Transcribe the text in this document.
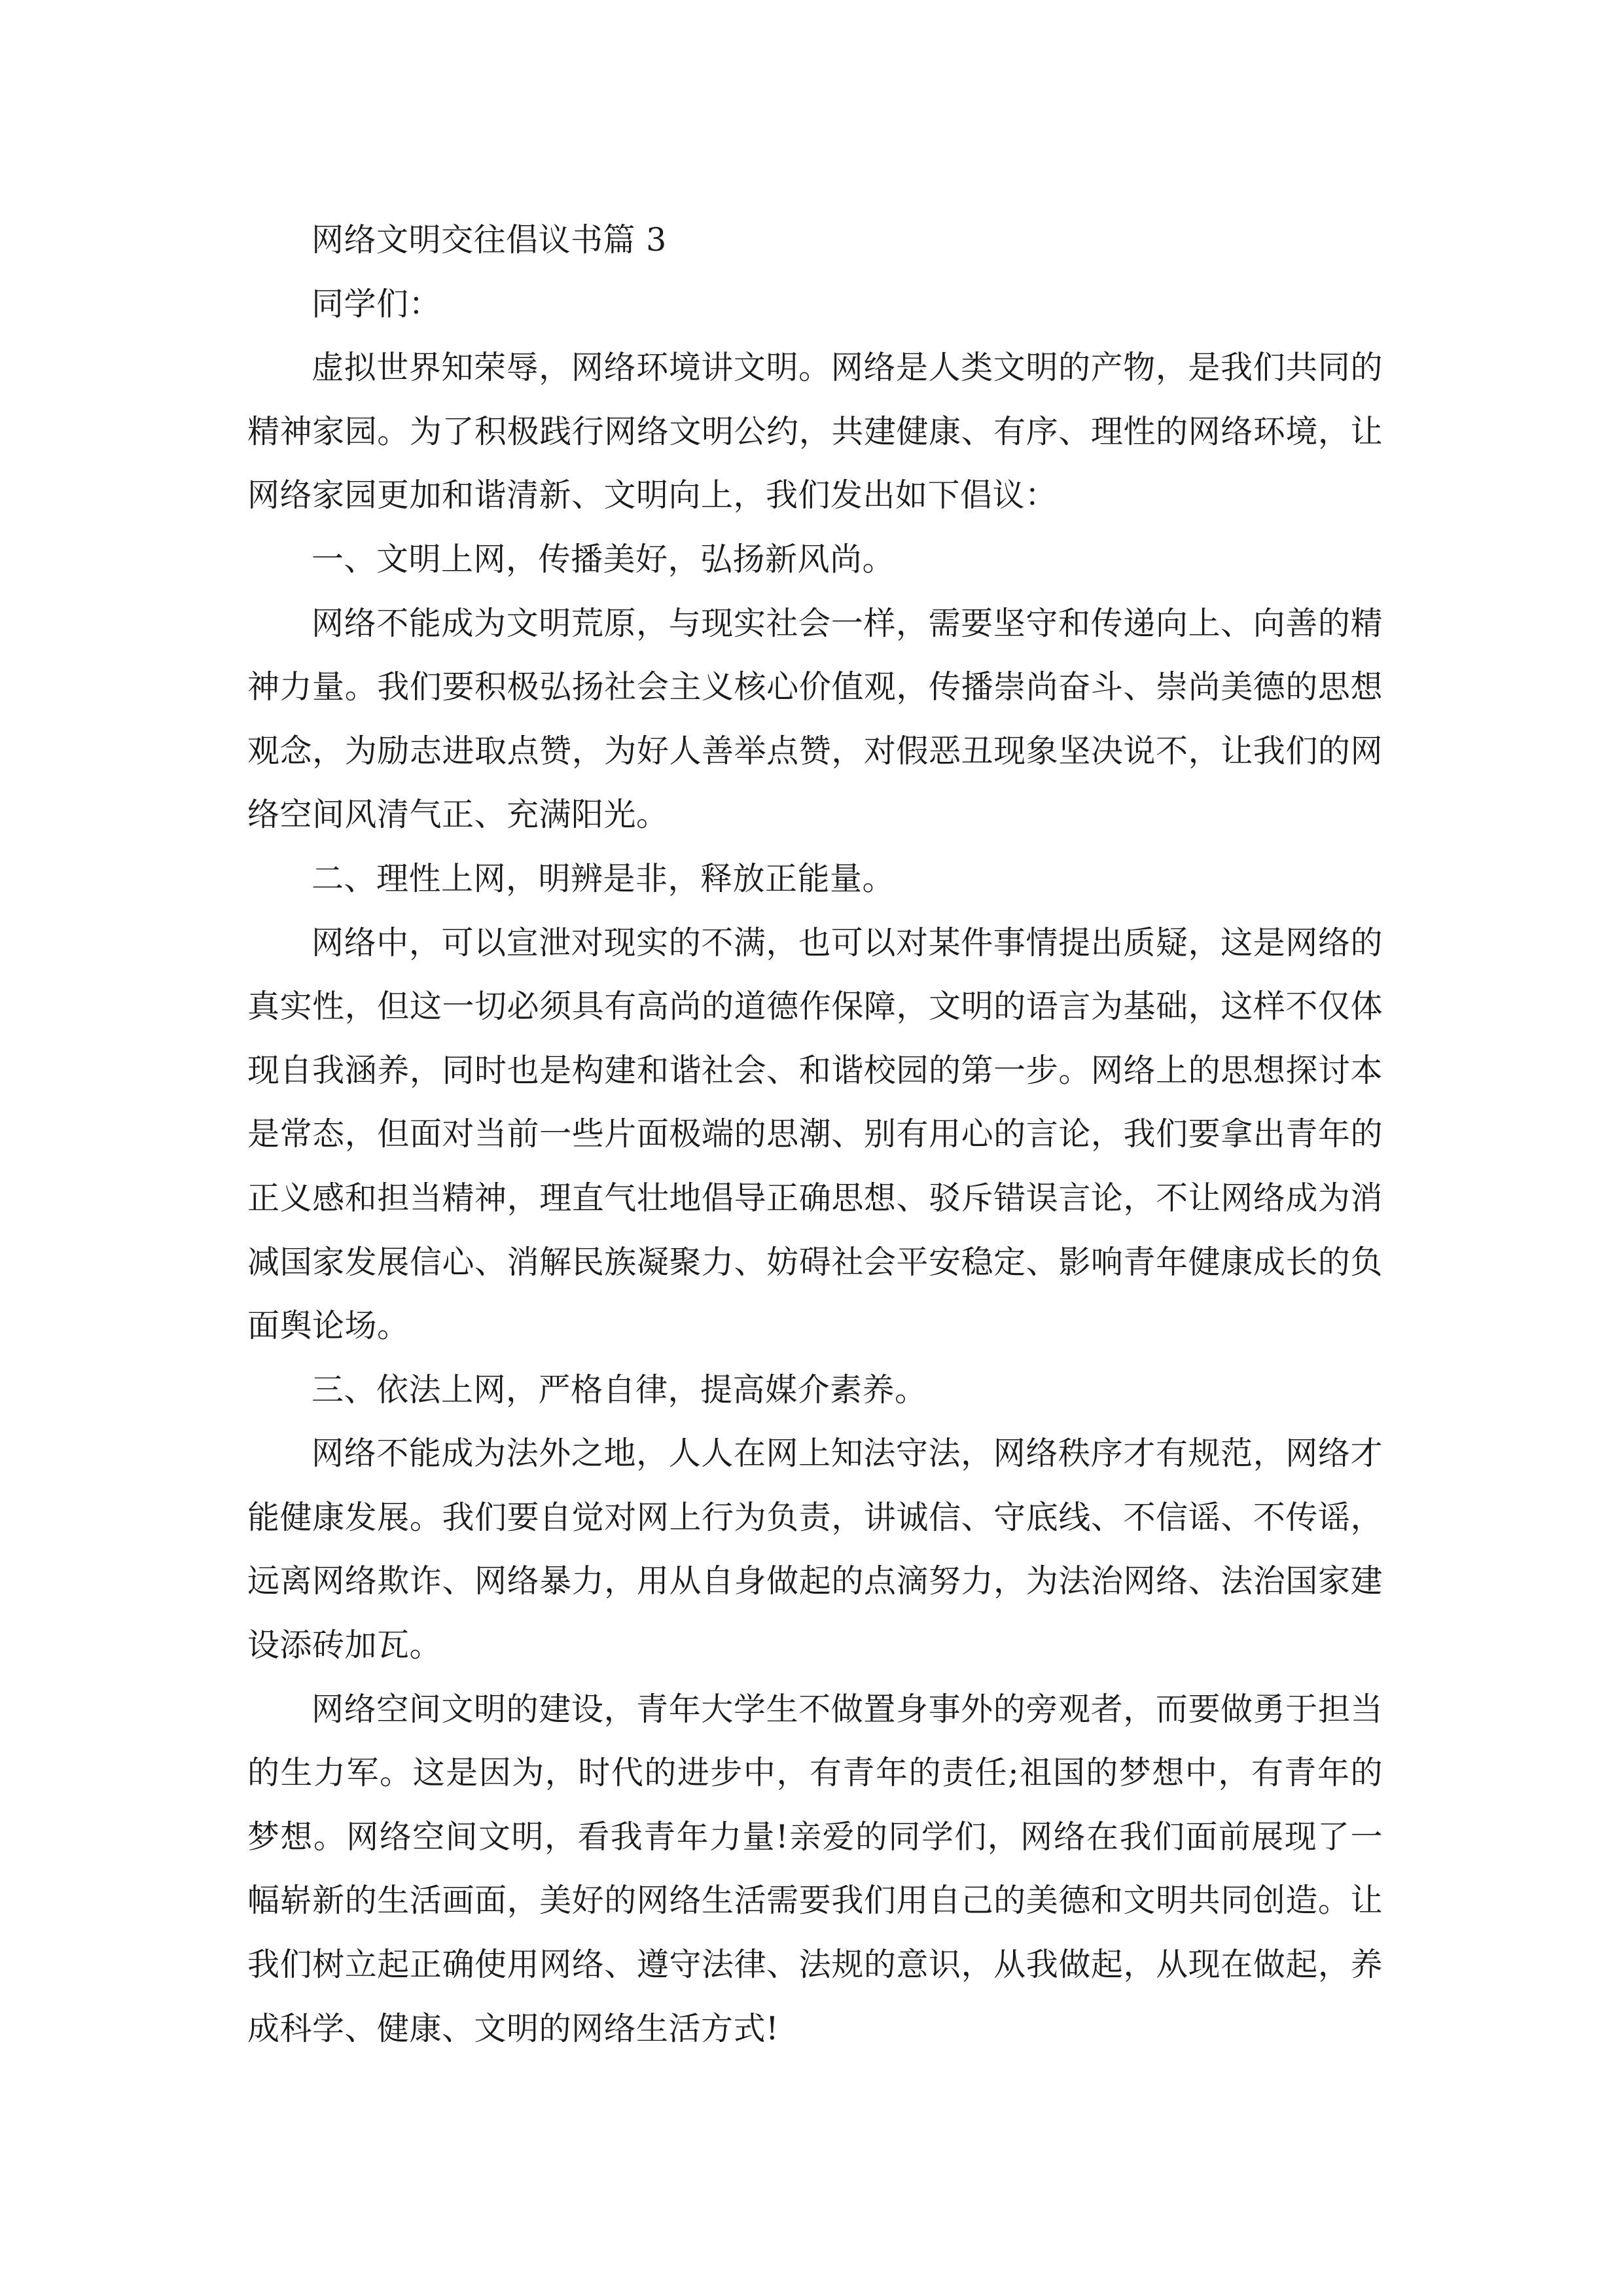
网络文明交往倡议书篇 3

同学们：

虚拟世界知荣辱，网络环境讲文明。网络是人类文明的产物，是我们共同的精神家园。为了积极践行网络文明公约，共建健康、有序、理性的网络环境，让网络家园更加和谐清新、文明向上，我们发出如下倡议：

一、文明上网，传播美好，弘扬新风尚。

网络不能成为文明荒原，与现实社会一样，需要坚守和传递向上、向善的精神力量。我们要积极弘扬社会主义核心价值观，传播崇尚奋斗、崇尚美德的思想观念，为励志进取点赞，为好人善举点赞，对假恶丑现象坚决说不，让我们的网络空间风清气正、充满阳光。

二、理性上网，明辨是非，释放正能量。

网络中，可以宣泄对现实的不满，也可以对某件事情提出质疑，这是网络的真实性，但这一切必须具有高尚的道德作保障，文明的语言为基础，这样不仅体现自我涵养，同时也是构建和谐社会、和谐校园的第一步。网络上的思想探讨本是常态，但面对当前一些片面极端的思潮、别有用心的言论，我们要拿出青年的正义感和担当精神，理直气壮地倡导正确思想、驳斥错误言论，不让网络成为消减国家发展信心、消解民族凝聚力、妨碍社会平安稳定、影响青年健康成长的负面舆论场。

三、依法上网，严格自律，提高媒介素养。

网络不能成为法外之地，人人在网上知法守法，网络秩序才有规范，网络才能健康发展。我们要自觉对网上行为负责，讲诚信、守底线、不信谣、不传谣，远离网络欺诈、网络暴力，用从自身做起的点滴努力，为法治网络、法治国家建设添砖加瓦。

网络空间文明的建设，青年大学生不做置身事外的旁观者，而要做勇于担当的生力军。这是因为，时代的进步中，有青年的责任;祖国的梦想中，有青年的梦想。网络空间文明，看我青年力量!亲爱的同学们，网络在我们面前展现了一幅崭新的生活画面，美好的网络生活需要我们用自己的美德和文明共同创造。让我们树立起正确使用网络、遵守法律、法规的意识，从我做起，从现在做起，养成科学、健康、文明的网络生活方式!
